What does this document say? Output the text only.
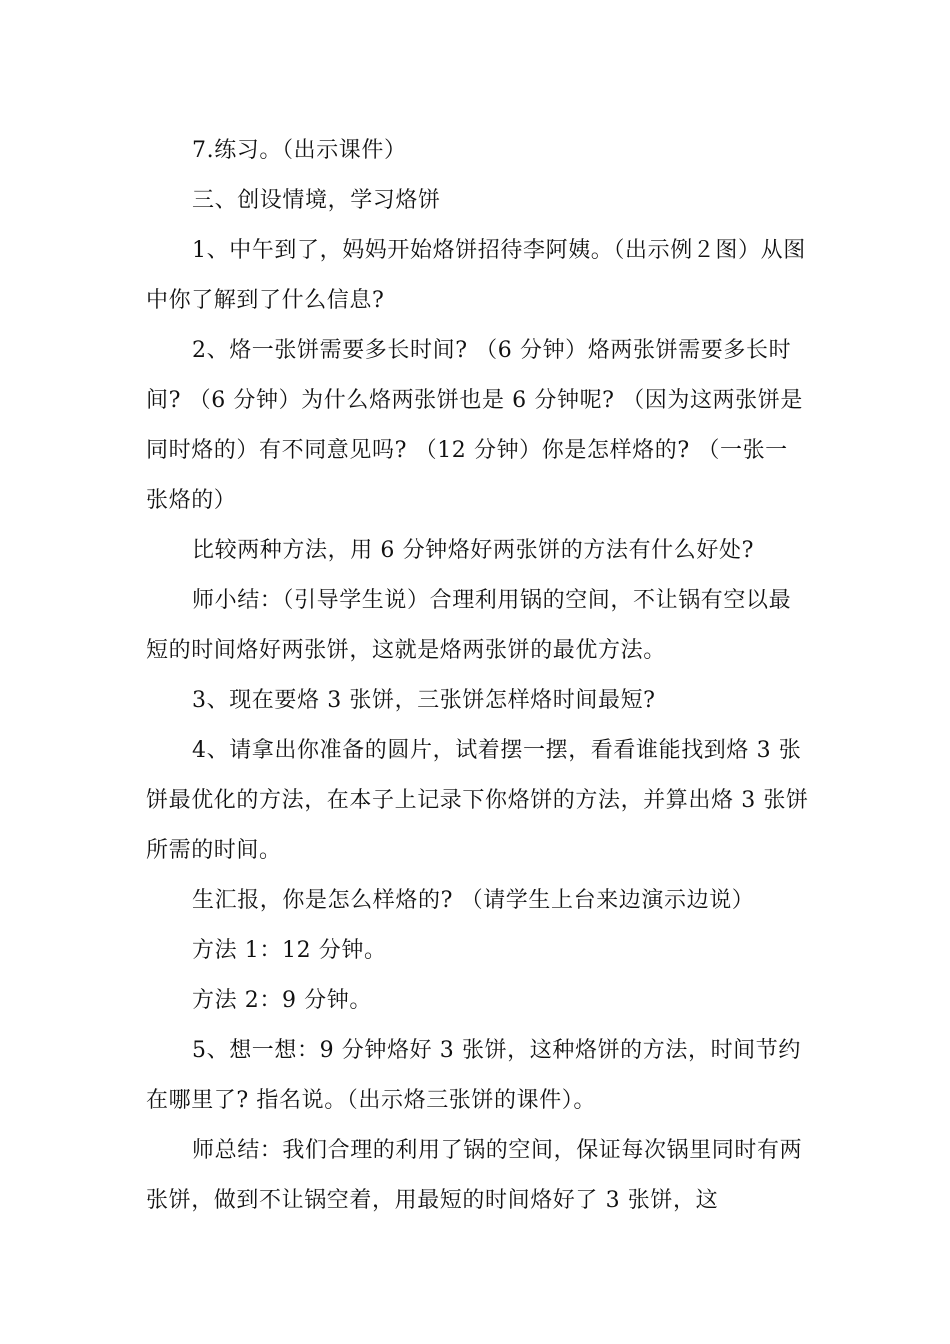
7.练习。（出示课件）

三、创设情境，学习烙饼

1、中午到了，妈妈开始烙饼招待李阿姨。（出示例２图）从图中你了解到了什么信息?

2、烙一张饼需要多长时间? （6 分钟）烙两张饼需要多长时间? （6 分钟）为什么烙两张饼也是 6 分钟呢? （因为这两张饼是同时烙的）有不同意见吗? （12 分钟）你是怎样烙的? （一张一张烙的）

比较两种方法，用 6 分钟烙好两张饼的方法有什么好处?

师小结：（引导学生说）合理利用锅的空间，不让锅有空以最短的时间烙好两张饼，这就是烙两张饼的最优方法。

3、现在要烙 3 张饼，三张饼怎样烙时间最短?

4、请拿出你准备的圆片，试着摆一摆，看看谁能找到烙 3 张饼最优化的方法，在本子上记录下你烙饼的方法，并算出烙 3 张饼所需的时间。

生汇报，你是怎么样烙的? （请学生上台来边演示边说）

方法 1：12 分钟。

方法 2：9 分钟。

5、想一想：9 分钟烙好 3 张饼，这种烙饼的方法，时间节约在哪里了? 指名说。（出示烙三张饼的课件）。

师总结：我们合理的利用了锅的空间，保证每次锅里同时有两张饼，做到不让锅空着，用最短的时间烙好了 3 张饼，这
